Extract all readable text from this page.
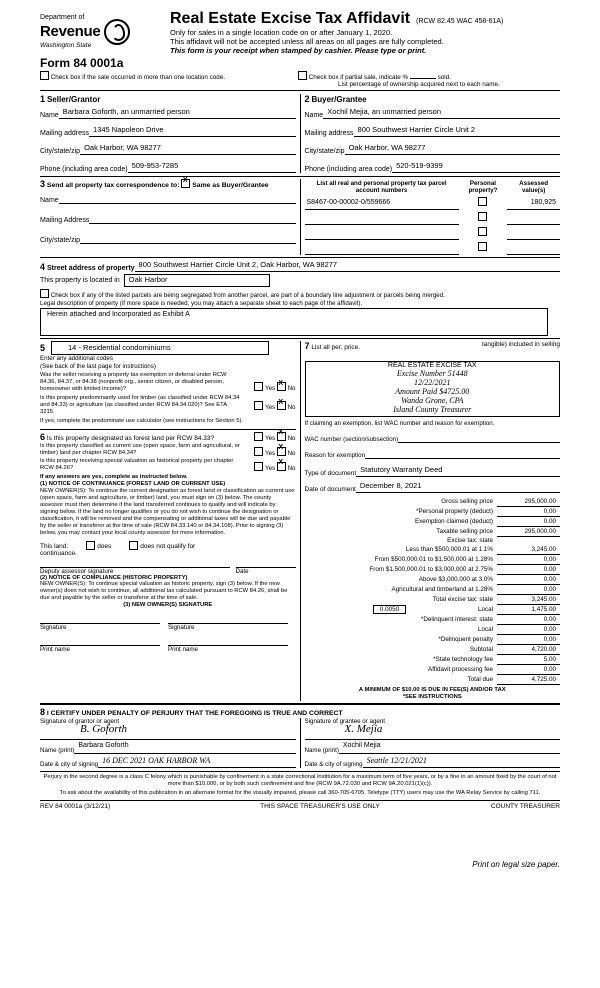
Department of
Revenue
Washington State
Real Estate Excise Tax Affidavit (RCW 82.45 WAC 458-61A)
Only for sales in a single location code on or after January 1, 2020.
This affidavit will not be accepted unless all areas on all pages are fully completed.
This form is your receipt when stamped by cashier. Please type or print.
Form 84 0001a
Check box if the sale occurred in more than one location code.	Check box if partial sale, indicate %	sold.
List percentage of ownership acquired next to each name.
1 Seller/Grantor
Name Barbara Goforth, an unmarried person
Mailing address 1345 Napoleon Drive
City/state/zip Oak Harbor, WA 98277
Phone (including area code) 509-953-7285
2 Buyer/Grantee
Name Xochil Mejia, an unmarried person
Mailing address 800 Southwest Harrier Circle Unit 2
City/state/zip Oak Harbor, WA 98277
Phone (including area code) 520-519-9399
3 Send all property tax correspondence to: X Same as Buyer/Grantee
Name
Mailing Address
City/state/zip
List all real and personal property tax parcel account numbers	Personal property?	Assessed value(s)
S8467-00-00002-0/559666		180,925

4 Street address of property 800 Southwest Harrier Circle Unit 2, Oak Harbor, WA 98277
This property is located in	Oak Harbor
Check box if any of the listed parcels are being segregated from another parcel, are part of a boundary line adjustment or parcels being merged.
Legal description of property (if more space is needed, you may attach a separate sheet to each page of the affidavit).
Herein attached and Incorporated as Exhibit A
5	14 - Residential condominiums
Enter any additional codes
(See back of the last page for instructions)
Was the seller receiving a property tax exemption or deferral under RCW 84.36, 84.37, or 84.38 (nonprofit org., senior citizen, or disabled person, homeowner with limited income)?	Yes X No
Is this property predominantly used for timber (as classified under RCW 84.34 and 84.33) or agriculture (as classified under RCW 84.34.020)? See ETA 3215.
Yes X No
If yes, complete the predominate use calculator (see instructions for Section 5).
6 Is this property designated as forest land per RCW 84.33?	Yes X No
Is this property classified as current use (open space, farm and agricultural, or timber) land per chapter RCW 84.34?	Yes X No
Is this property receiving special valuation as historical property per chapter RCW 84.26?	Yes X No
If any answers are yes, complete as instructed below.
(1) NOTICE OF CONTINUANCE (FOREST LAND OR CURRENT USE)
NEW OWNER(S): To continue the current designation as forest land or classification as current use (open space, farm and agriculture, or timber) land, you must sign on (3) below. The county assessor must then determine if the land transferred continues to qualify and will indicate by signing below. If the land no longer qualifies or you do not wish to continue the designation or classification, it will be removed and the compensating or additional taxes will be due and payable by the seller or transferor at the time of sale (RCW 84.33.140 or 84.34.108). Prior to signing (3) below, you may contact your local county assessor for more information.
This land:	does	does not qualify for
continuance.
Deputy assessor signature	Date
(2) NOTICE OF COMPLIANCE (HISTORIC PROPERTY)
NEW OWNER(S): To continue special valuation as historic property, sign (3) below. If the new owner(s) does not wish to continue, all additional tax calculated pursuant to RCW 84.26, shall be due and payable by the seller or transferor at the time of sale.
(3) NEW OWNER(S) SIGNATURE
Signature	Signature
Print name	Print name
7 List all per. price.	tangible) included in selling
REAL ESTATE EXCISE TAX
Excise Number 51448
12/22/2021
Amount Paid $4725.00
Wanda Grone, CPA
Island County Treasurer
If claiming an exemption, list WAC number and reason for exemption.
WAC number (section/subsection)
Reason for exemption
Type of document Statutory Warranty Deed
Date of document December 8, 2021
Gross selling price	295,000.00
*Personal property (deduct)	0.00
Exemption claimed (deduct)	0.00
Taxable selling price	295,000.00
Excise tax: state	
Less than $500,000.01 at 1.1%	3,245.00
From $500,000.01 to $1,500,000 at 1.28%	0.00
From $1,500,000.01 to $3,000,000 at 2.75%	0.00
Above $3,000,000 at 3.0%	0.00
Agricultural and timberland at 1.28%	0.00
Total excise tax: state	3,245.00
0.0050 Local	1,475.00
*Delinquent interest: state	0.00
Local	0.00
*Delinquent penalty	0.00
Subtotal	4,720.00
*State technology fee	5.00
Affidavit processing fee	0.00
Total due	4,725.00
A MINIMUM OF $10.00 IS DUE IN FEE(S) AND/OR TAX
*SEE INSTRUCTIONS
8 I CERTIFY UNDER PENALTY OF PERJURY THAT THE FOREGOING IS TRUE AND CORRECT
Signature of grantor or agent
B. Goforth
Name (print)
Barbara Goforth
Date & city of signing 16 DEC 2021 OAK HARBOR WA
Signature of grantee or agent
X. Mejia
Name (print)
Xochil Mejia
Date & city of signing Seattle 12/21/2021
Perjury in the second degree is a class C felony which is punishable by confinement in a state correctional institution for a maximum term of five years, or by a fine in an amount fixed by the court of not more than $10,000, or by both such confinement and fine (RCW 9A.72.030 and RCW 9A.20.021(1)(c)).
To ask about the availability of this publication in an alternate format for the visually impaired, please call 360-705-6705. Teletype (TTY) users may use the WA Relay Service by calling 711.
REV 84 0001a (3/12/21)	THIS SPACE TREASURER'S USE ONLY	COUNTY TREASURER
Print on legal size paper.
